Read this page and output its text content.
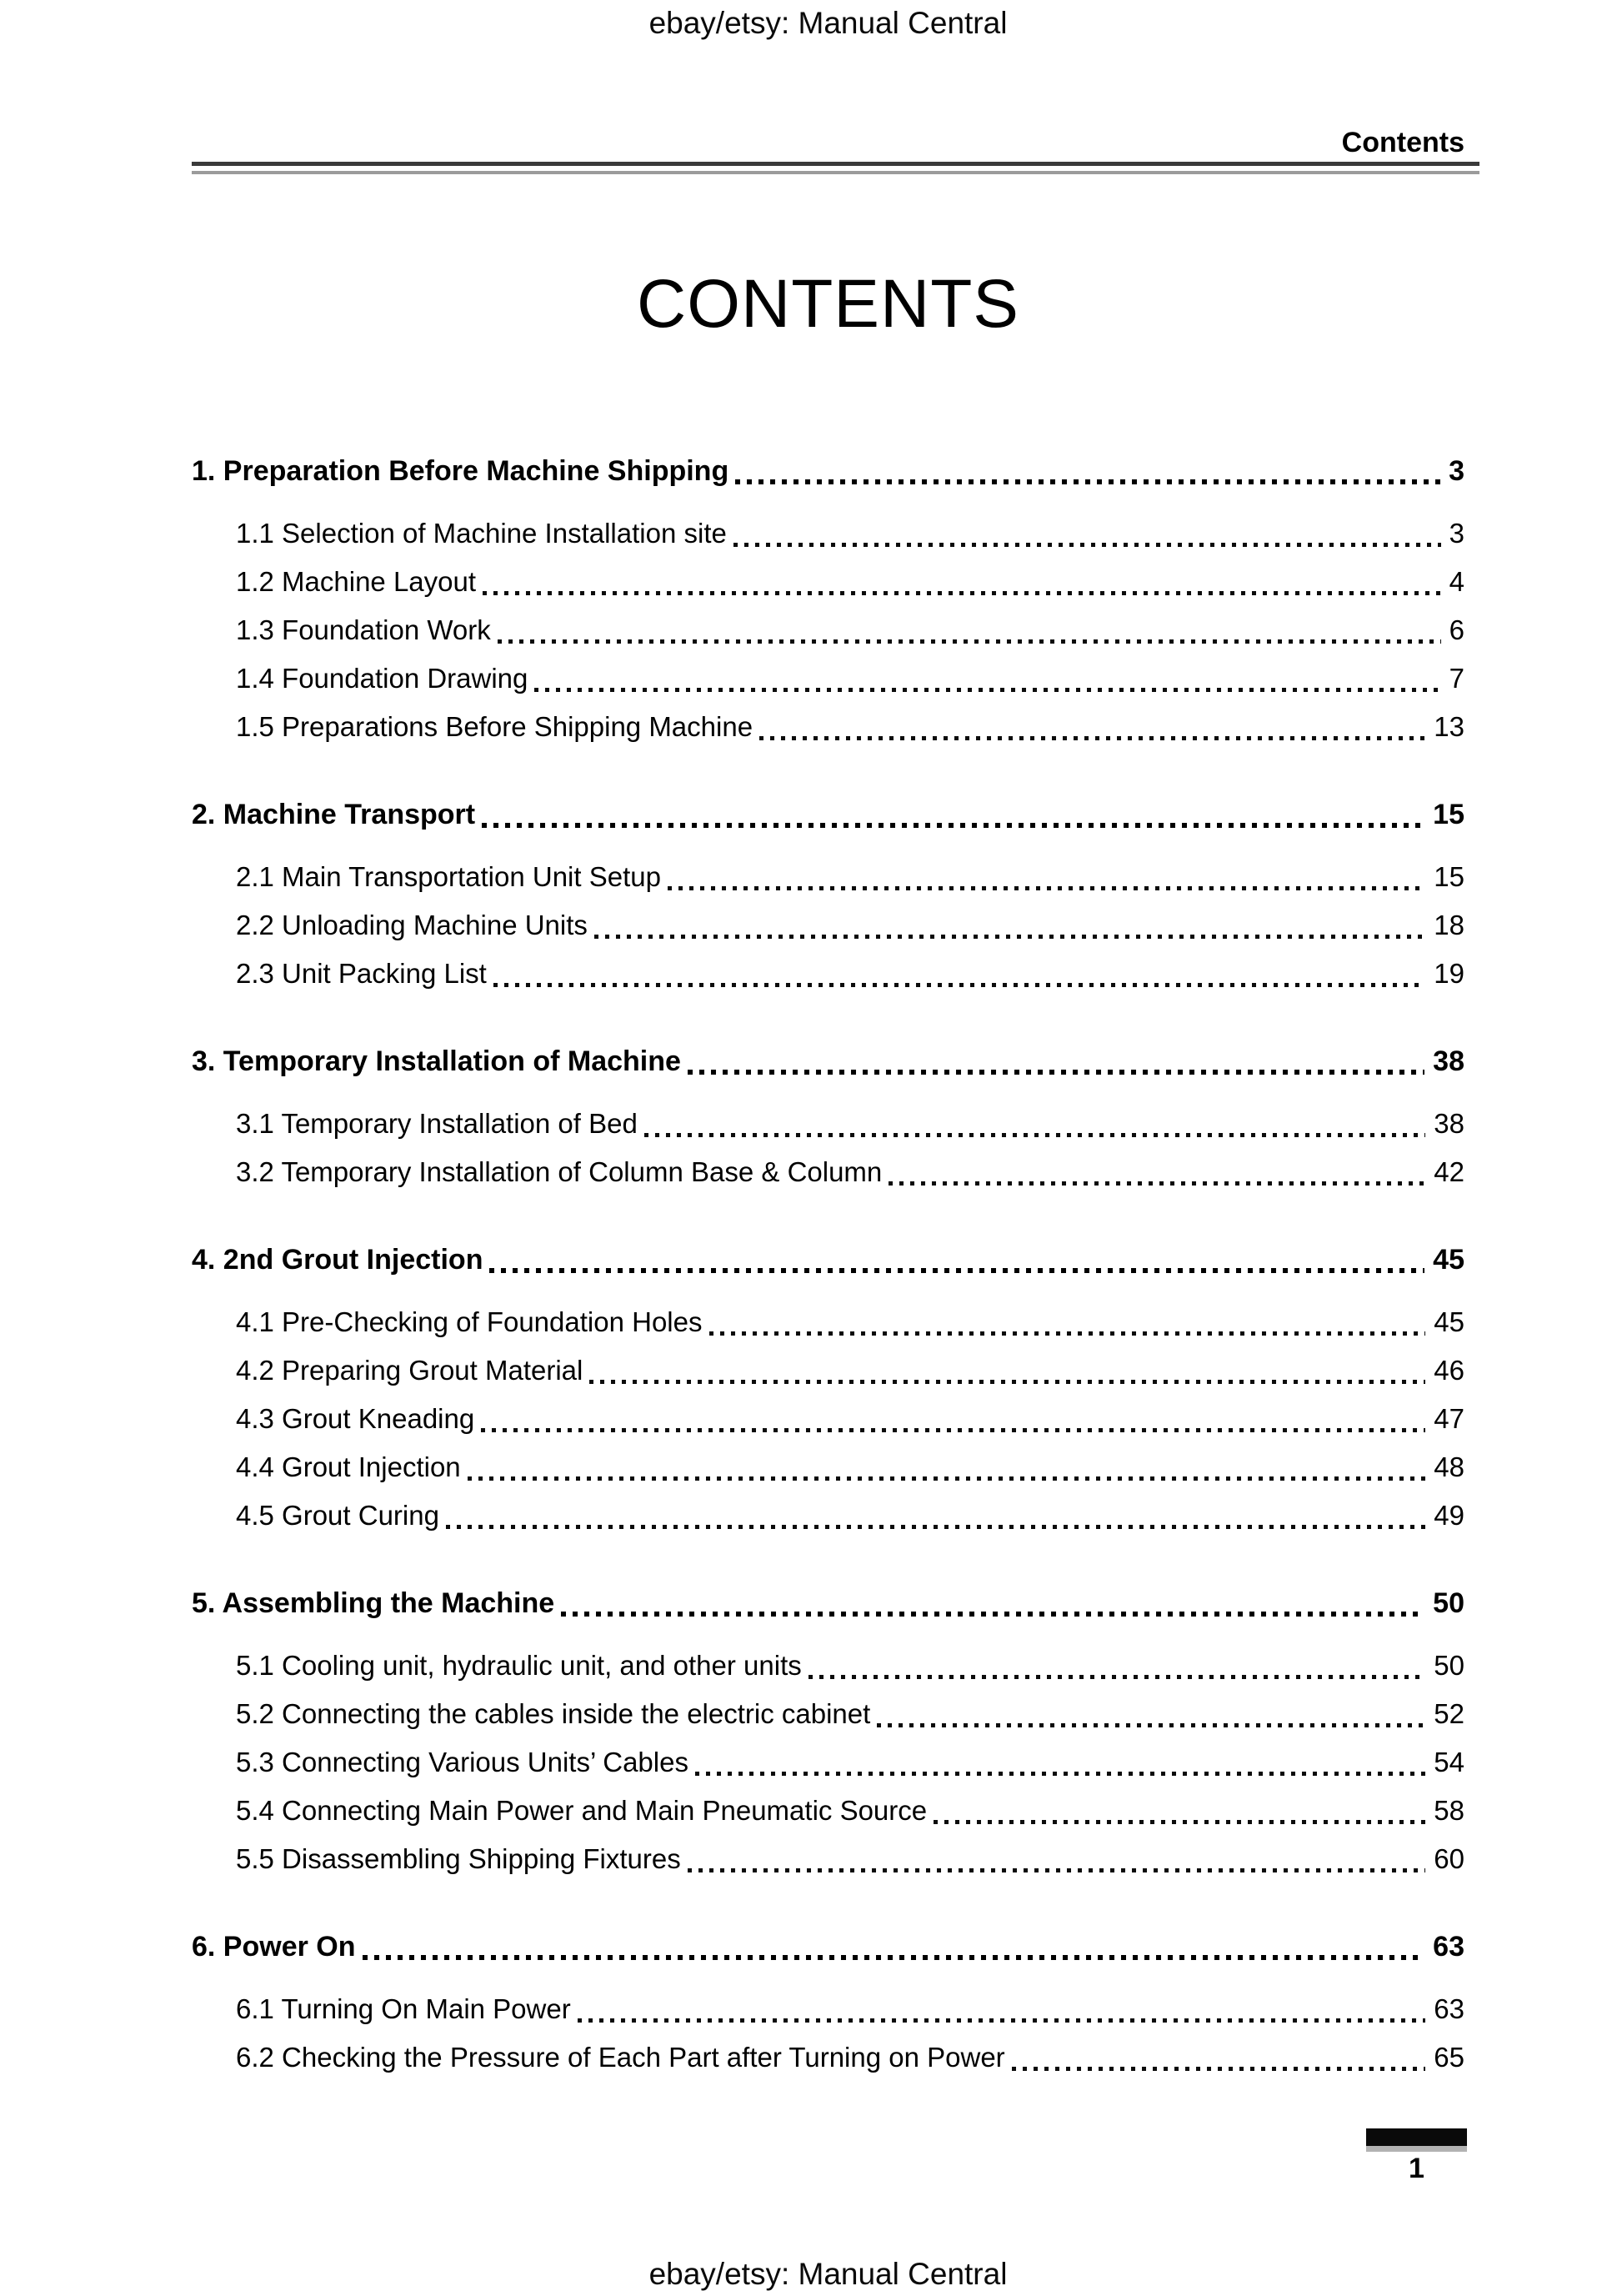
ebay/etsy: Manual Central
Contents
CONTENTS
1. Preparation Before Machine Shipping	3
1.1 Selection of Machine Installation site	3
1.2 Machine Layout	4
1.3 Foundation Work	6
1.4 Foundation Drawing	7
1.5 Preparations Before Shipping Machine	13
2. Machine Transport	15
2.1 Main Transportation Unit Setup	15
2.2 Unloading Machine Units	18
2.3 Unit Packing List	19
3. Temporary Installation of Machine	38
3.1 Temporary Installation of Bed	38
3.2 Temporary Installation of Column Base & Column	42
4. 2nd Grout Injection	45
4.1 Pre-Checking of Foundation Holes	45
4.2 Preparing Grout Material	46
4.3 Grout Kneading	47
4.4 Grout Injection	48
4.5 Grout Curing	49
5. Assembling the Machine	50
5.1 Cooling unit, hydraulic unit, and other units	50
5.2 Connecting the cables inside the electric cabinet	52
5.3 Connecting Various Units’ Cables	54
5.4 Connecting Main Power and Main Pneumatic Source	58
5.5 Disassembling Shipping Fixtures	60
6. Power On	63
6.1 Turning On Main Power	63
6.2 Checking the Pressure of Each Part after Turning on Power	65
1
ebay/etsy: Manual Central
